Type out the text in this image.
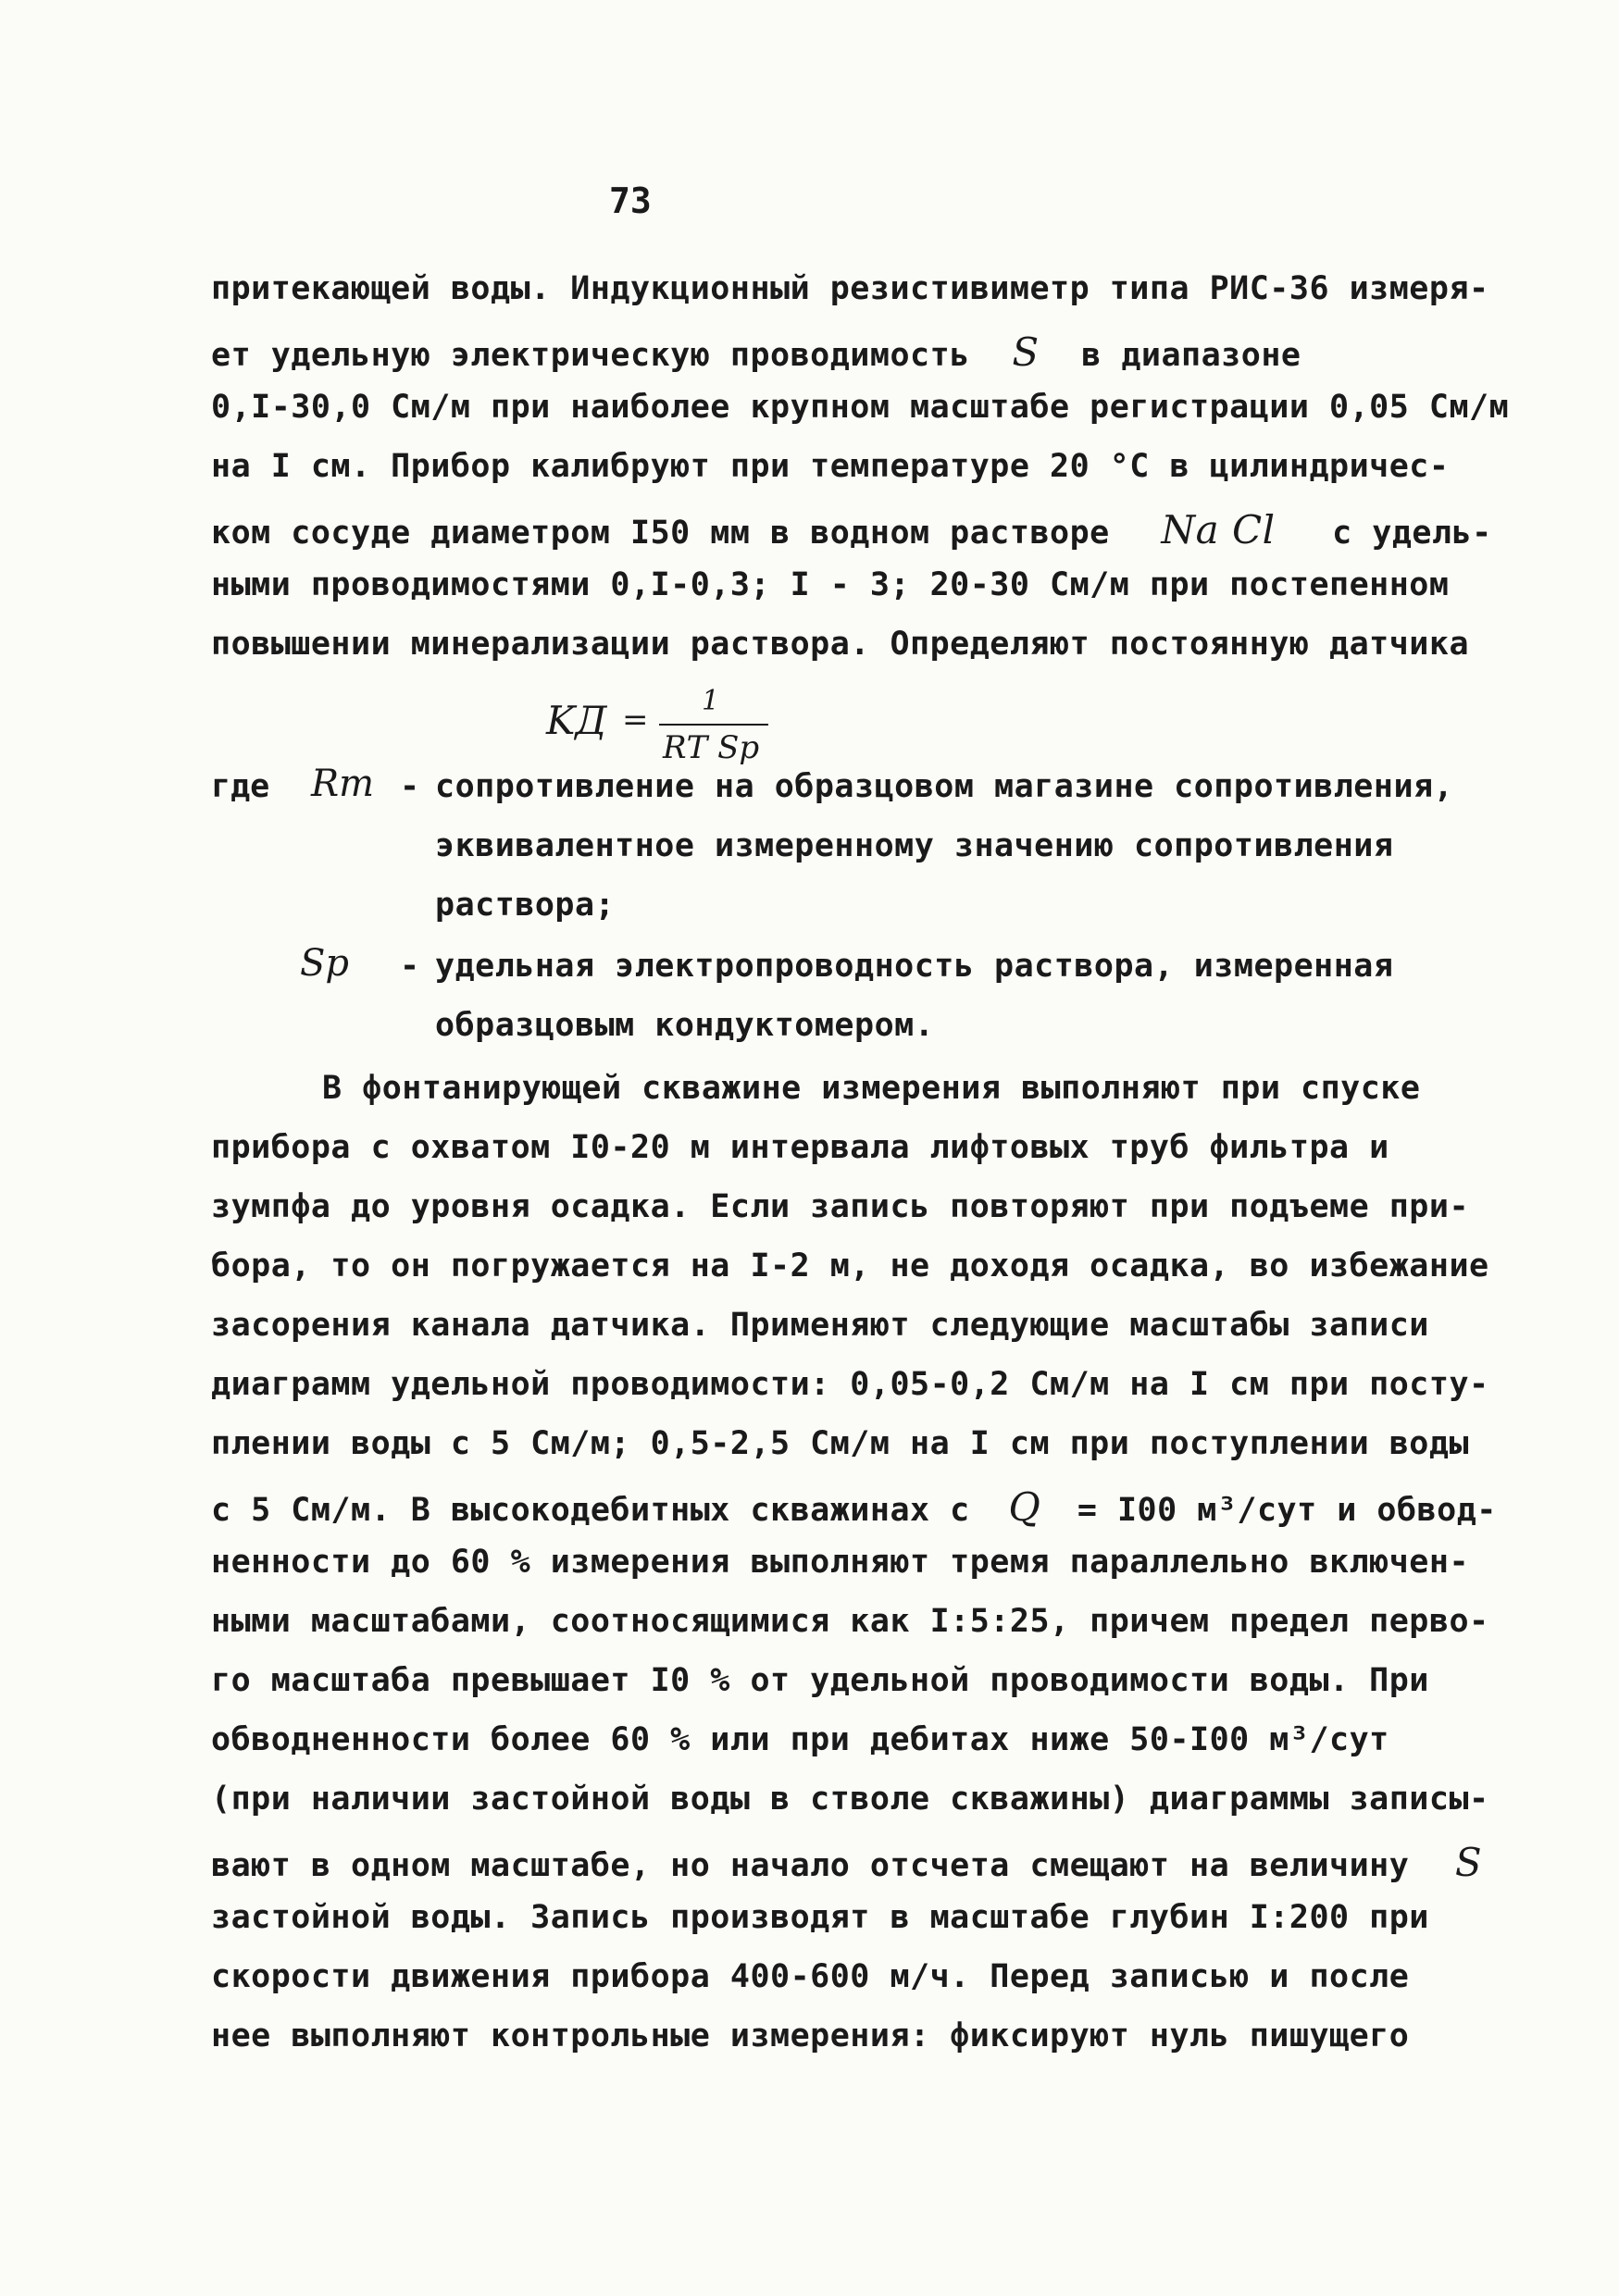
73
притекающей воды. Индукционный резистивиметр типа РИС-36 измеря-
ет удельную электрическую проводимость S в диапазоне
0,I-30,0 См/м при наиболее крупном масштабе регистрации 0,05 См/м
на I см. Прибор калибруют при температуре 20 °С в цилиндричес-
ком сосуде диаметром I50 мм в водном растворе Na Cl с удель-
ными проводимостями 0,I-0,3; I - 3; 20-30 См/м при постепенном
повышении минерализации раствора. Определяют постоянную датчика
KД =
1
RТ Sр
где Rт - сопротивление на образцовом магазине сопротивления,
эквивалентное измеренному значению сопротивления
раствора;
Sр - удельная электропроводность раствора, измеренная
образцовым кондуктомером.
В фонтанирующей скважине измерения выполняют при спуске
прибора с охватом I0-20 м интервала лифтовых труб фильтра и
зумпфа до уровня осадка. Если запись повторяют при подъеме при-
бора, то он погружается на I-2 м, не доходя осадка, во избежание
засорения канала датчика. Применяют следующие масштабы записи
диаграмм удельной проводимости: 0,05-0,2 См/м на I см при посту-
плении воды с 5 См/м; 0,5-2,5 См/м на I см при поступлении воды
с 5 См/м. В высокодебитных скважинах с Q = I00 м³/сут и обвод-
ненности до 60 % измерения выполняют тремя параллельно включен-
ными масштабами, соотносящимися как I:5:25, причем предел перво-
го масштаба превышает I0 % от удельной проводимости воды. При
обводненности более 60 % или при дебитах ниже 50-I00 м³/сут
(при наличии застойной воды в стволе скважины) диаграммы записы-
вают в одном масштабе, но начало отсчета смещают на величину S
застойной воды. Запись производят в масштабе глубин I:200 при
скорости движения прибора 400-600 м/ч. Перед записью и после
нее выполняют контрольные измерения: фиксируют нуль пишущего
